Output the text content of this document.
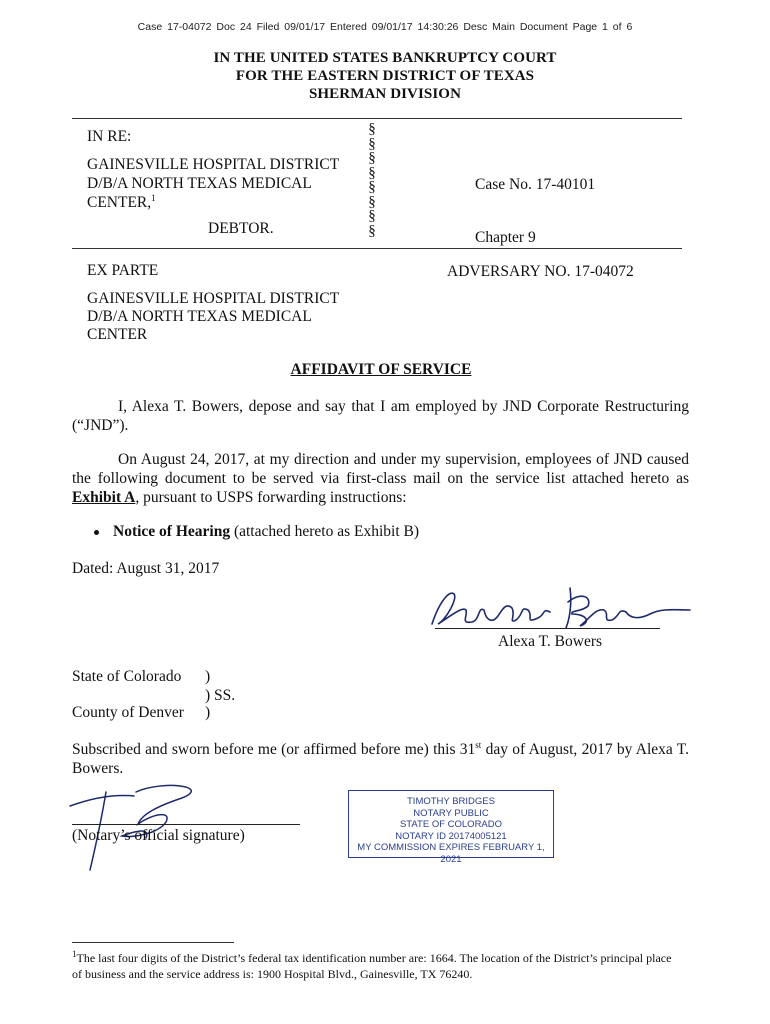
Case 17-04072 Doc 24 Filed 09/01/17 Entered 09/01/17 14:30:26 Desc Main Document Page 1 of 6
IN THE UNITED STATES BANKRUPTCY COURT
FOR THE EASTERN DISTRICT OF TEXAS
SHERMAN DIVISION
IN RE:
GAINESVILLE HOSPITAL DISTRICT
D/B/A NORTH TEXAS MEDICAL
CENTER,$^1$
DEBTOR.
§
§
§
§
§
§
§
§
Case No. 17-40101
Chapter 9
EX PARTE	ADVERSARY NO. 17-04072
GAINESVILLE HOSPITAL DISTRICT
D/B/A NORTH TEXAS MEDICAL
CENTER
AFFIDAVIT OF SERVICE
I, Alexa T. Bowers, depose and say that I am employed by JND Corporate Restructuring (“JND”).
On August 24, 2017, at my direction and under my supervision, employees of JND caused the following document to be served via first-class mail on the service list attached hereto as Exhibit A, pursuant to USPS forwarding instructions:
Notice of Hearing (attached hereto as Exhibit B)
Dated: August 31, 2017
Alexa T. Bowers
State of Colorado )
) SS.
County of Denver )
Subscribed and sworn before me (or affirmed before me) this 31st day of August, 2017 by Alexa T. Bowers.
(Notary’s official signature)
TIMOTHY BRIDGES
NOTARY PUBLIC
STATE OF COLORADO
NOTARY ID 20174005121
MY COMMISSION EXPIRES FEBRUARY 1, 2021
$^1$The last four digits of the District’s federal tax identification number are: 1664. The location of the District’s principal place of business and the service address is: 1900 Hospital Blvd., Gainesville, TX 76240.
